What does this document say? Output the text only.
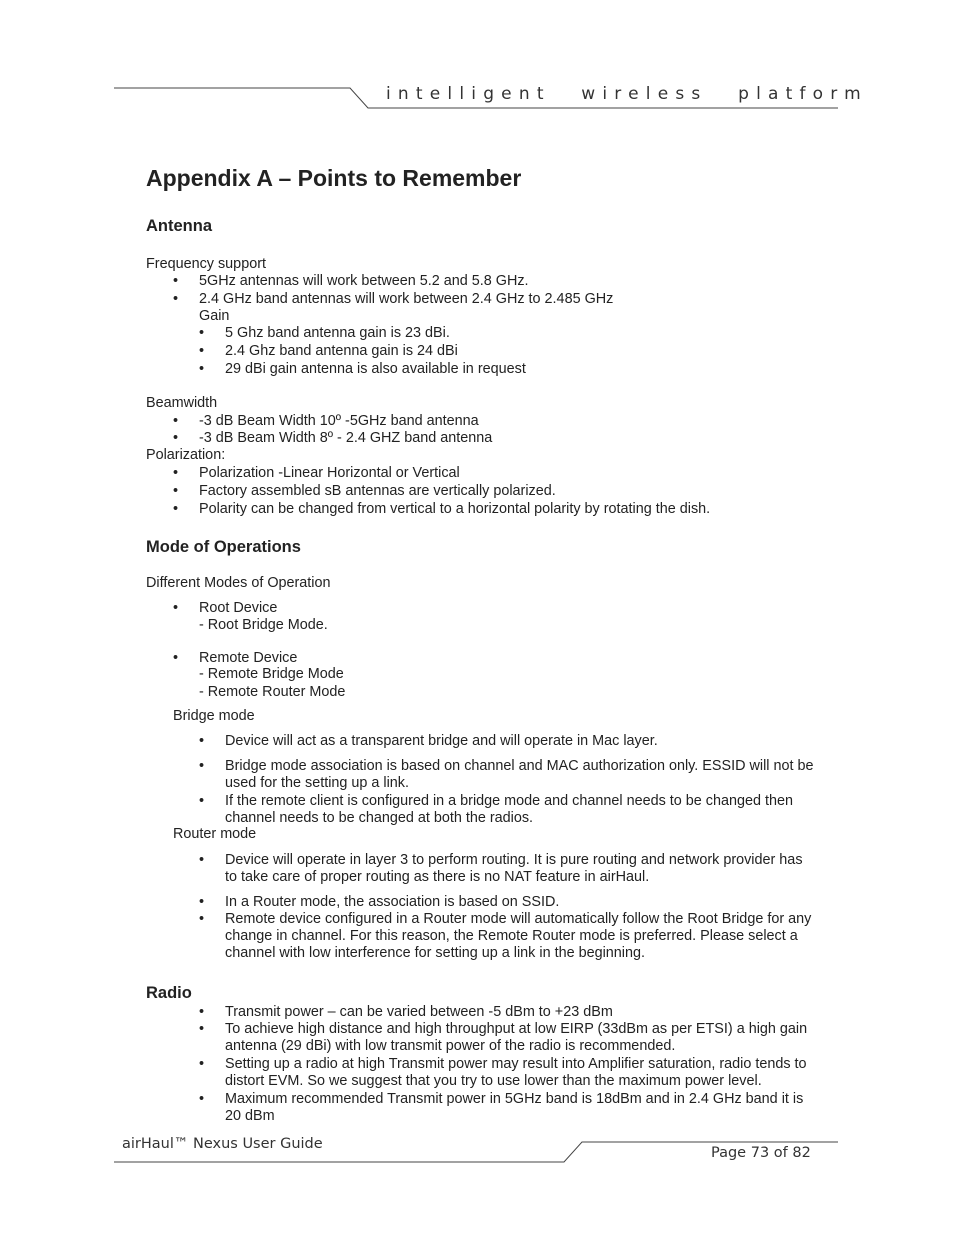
intelligent wireless platform
Appendix A – Points to Remember
Antenna
Frequency support
• 5GHz antennas will work between 5.2 and 5.8 GHz.
• 2.4 GHz band antennas will work between 2.4 GHz to 2.485 GHz
Gain
• 5 Ghz band antenna gain is 23 dBi.
• 2.4 Ghz band antenna gain is 24 dBi
• 29 dBi gain antenna is also available in request
Beamwidth
• -3 dB Beam Width 10º -5GHz band antenna
• -3 dB Beam Width 8º - 2.4 GHZ band antenna
Polarization:
• Polarization -Linear Horizontal or Vertical
• Factory assembled sB antennas are vertically polarized.
• Polarity can be changed from vertical to a horizontal polarity by rotating the dish.
Mode of Operations
Different Modes of Operation
• Root Device
- Root Bridge Mode.
• Remote Device
- Remote Bridge Mode
- Remote Router Mode
Bridge mode
• Device will act as a transparent bridge and will operate in Mac layer.
• Bridge mode association is based on channel and MAC authorization only. ESSID will not be used for the setting up a link.
• If the remote client is configured in a bridge mode and channel needs to be changed then channel needs to be changed at both the radios.
Router mode
• Device will operate in layer 3 to perform routing. It is pure routing and network provider has to take care of proper routing as there is no NAT feature in airHaul.
• In a Router mode, the association is based on SSID.
• Remote device configured in a Router mode will automatically follow the Root Bridge for any change in channel. For this reason, the Remote Router mode is preferred. Please select a channel with low interference for setting up a link in the beginning.
Radio
• Transmit power – can be varied between -5 dBm to +23 dBm
• To achieve high distance and high throughput at low EIRP (33dBm as per ETSI) a high gain antenna (29 dBi) with low transmit power of the radio is recommended.
• Setting up a radio at high Transmit power may result into Amplifier saturation, radio tends to distort EVM. So we suggest that you try to use lower than the maximum power level.
• Maximum recommended Transmit power in 5GHz band is 18dBm and in 2.4 GHz band it is 20 dBm
airHaul™ Nexus User Guide
Page 73 of 82
